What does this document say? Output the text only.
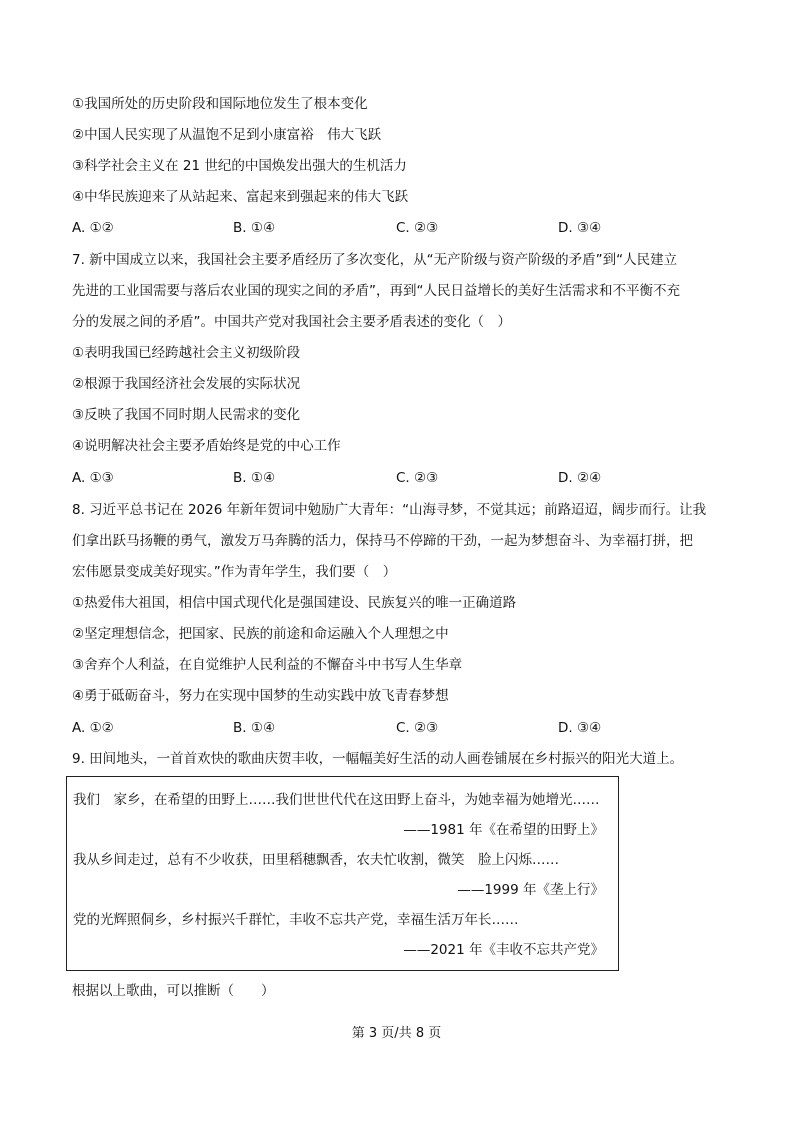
①我国所处的历史阶段和国际地位发生了根本变化
②中国人民实现了从温饱不足到小康富裕　伟大飞跃
③科学社会主义在 21 世纪的中国焕发出强大的生机活力
④中华民族迎来了从站起来、富起来到强起来的伟大飞跃
A. ①②	B. ①④	C. ②③	D. ③④
7. 新中国成立以来，我国社会主要矛盾经历了多次变化，从“无产阶级与资产阶级的矛盾”到“人民建立
先进的工业国需要与落后农业国的现实之间的矛盾”，再到“人民日益增长的美好生活需求和不平衡不充
分的发展之间的矛盾”。中国共产党对我国社会主要矛盾表述的变化（　）
①表明我国已经跨越社会主义初级阶段
②根源于我国经济社会发展的实际状况
③反映了我国不同时期人民需求的变化
④说明解决社会主要矛盾始终是党的中心工作
A. ①③	B. ①④	C. ②③	D. ②④
8. 习近平总书记在 2026 年新年贺词中勉励广大青年：“山海寻梦，不觉其远；前路迢迢，阔步而行。让我
们拿出跃马扬鞭的勇气，激发万马奔腾的活力，保持马不停蹄的干劲，一起为梦想奋斗、为幸福打拼，把
宏伟愿景变成美好现实。”作为青年学生，我们要（　）
①热爱伟大祖国，相信中国式现代化是强国建设、民族复兴的唯一正确道路
②坚定理想信念，把国家、民族的前途和命运融入个人理想之中
③舍弃个人利益，在自觉维护人民利益的不懈奋斗中书写人生华章
④勇于砥砺奋斗，努力在实现中国梦的生动实践中放飞青春梦想
A. ①②	B. ①④	C. ②③	D. ③④
9. 田间地头，一首首欢快的歌曲庆贺丰收，一幅幅美好生活的动人画卷铺展在乡村振兴的阳光大道上。
我们　家乡，在希望的田野上……我们世世代代在这田野上奋斗，为她幸福为她增光……
——1981 年《在希望的田野上》
我从乡间走过，总有不少收获，田里稻穗飘香，农夫忙收割，微笑　脸上闪烁……
——1999 年《垄上行》
党的光辉照侗乡，乡村振兴千群忙，丰收不忘共产党，幸福生活万年长……
——2021 年《丰收不忘共产党》
根据以上歌曲，可以推断（　　）
第 3 页/共 8 页
